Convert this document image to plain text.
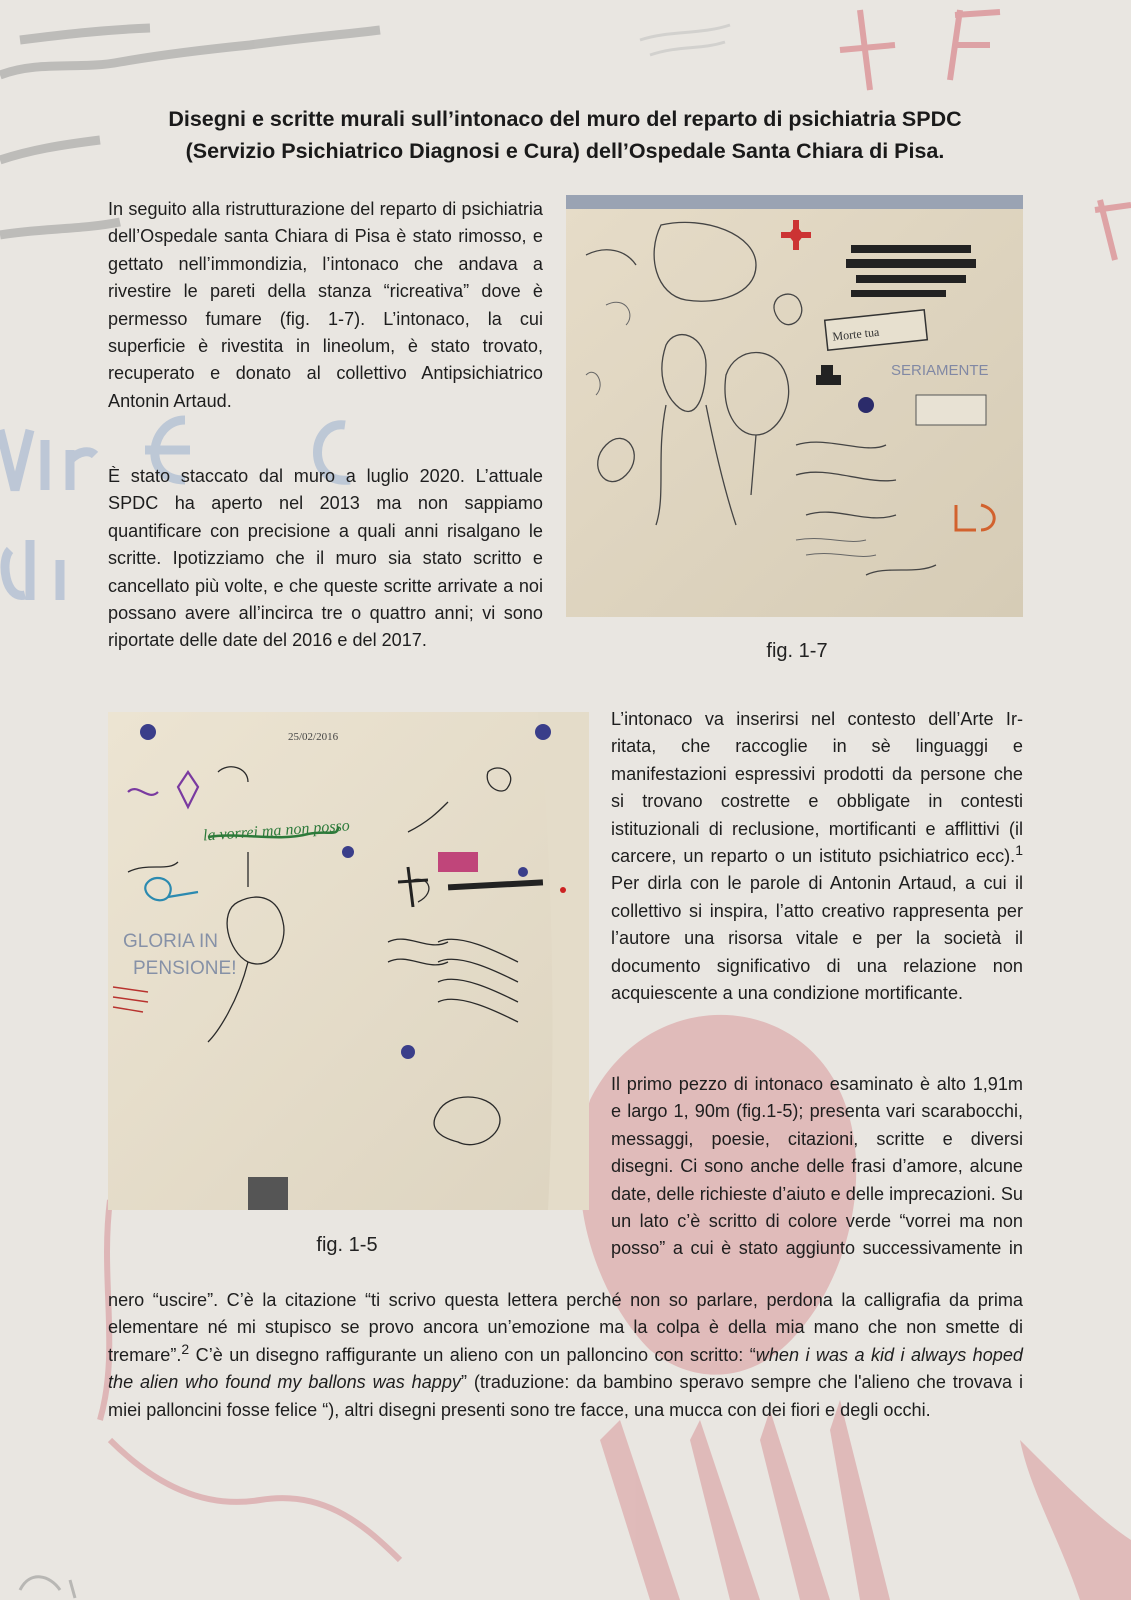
Disegni e scritte murali sull’intonaco del muro del reparto di psichiatria SPDC
(Servizio Psichiatrico Diagnosi e Cura) dell’Ospedale Santa Chiara di Pisa.

In seguito alla ristrutturazione del reparto di psichiatria dell’Ospedale santa Chiara di Pisa è stato rimosso, e gettato nell’immondizia, l’intonaco che andava a rivestire le pareti della stanza “ricreativa” dove è permesso fumare (fig. 1-7). L’intonaco, la cui superficie è rivestita in lineolum, è stato trovato, recuperato e donato al collettivo Antipsichiatrico Antonin Artaud.

È stato staccato dal muro a luglio 2020. L’attuale SPDC ha aperto nel 2013 ma non sappiamo quantificare con precisione a quali anni risalgano le scritte. Ipotizziamo che il muro sia stato scritto e cancellato più volte, e che queste scritte arrivate a noi possano avere all’incirca tre o quattro anni; vi sono riportate delle date del 2016 e del 2017.

Morte tua
SERIAMENTE
fig. 1-7
la vorrei ma non posso
GLORIA IN
PENSIONE!
25/02/2016
fig. 1-5

L’intonaco va inserirsi nel contesto dell’Arte Ir-ritata, che raccoglie in sè linguaggi e manifestazioni espressivi prodotti da persone che si trovano costrette e obbligate in contesti istituzionali di reclusione, mortificanti e afflittivi (il carcere, un reparto o un istituto psichiatrico ecc).$^1$ Per dirla con le parole di Antonin Artaud, a cui il collettivo si inspira, l’atto creativo rappresenta per l’autore una risorsa vitale e per la società il documento significativo di una relazione non acquiescente a una condizione mortificante.

Il primo pezzo di intonaco esaminato è alto 1,91m e largo 1, 90m (fig.1-5); presenta vari scarabocchi, messaggi, poesie, citazioni, scritte e diversi disegni. Ci sono anche delle frasi d’amore, alcune date, delle richieste d’aiuto e delle imprecazioni. Su un lato c’è scritto di colore verde “vorrei ma non posso” a cui è stato aggiunto successivamente in

nero “uscire”. C’è la citazione “ti scrivo questa lettera perché non so parlare, perdona la calligrafia da prima elementare né mi stupisco se provo ancora un’emozione ma la colpa è della mia mano che non smette di tremare”.$^2$ C’è un disegno raffigurante un alieno con un palloncino con scritto: “when i was a kid i always hoped the alien who found my ballons was happy” (traduzione: da bambino speravo sempre che l'alieno che trovava i miei palloncini fosse felice “), altri disegni presenti sono tre facce, una mucca con dei fiori e degli occhi.
